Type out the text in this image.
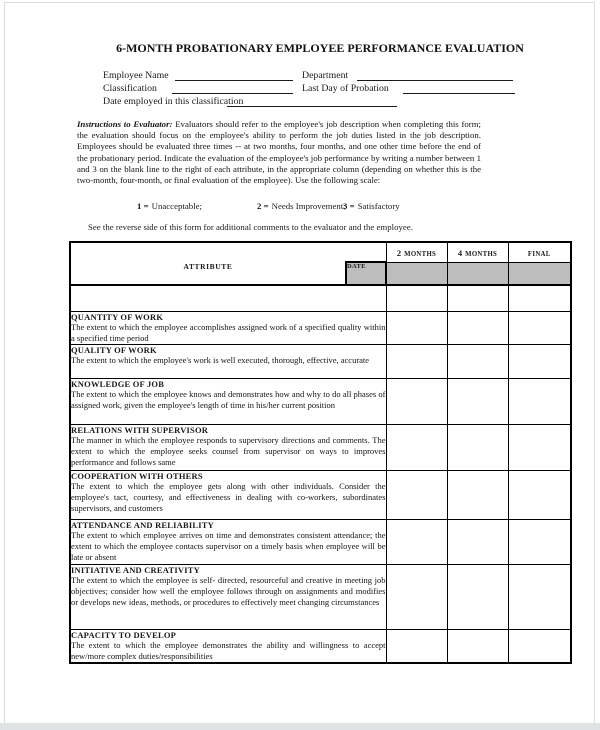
6-MONTH PROBATIONARY EMPLOYEE PERFORMANCE EVALUATION
Employee Name	Department
Classification	Last Day of Probation
Date employed in this classification

Instructions to Evaluator: Evaluators should refer to the employee's job description when completing this form; the evaluation should focus on the employee's ability to perform the job duties listed in the job description. Employees should be evaluated three times -- at two months, four months, and one other time before the end of the probationary period. Indicate the evaluation of the employee's job performance by writing a number between 1 and 3 on the blank line to the right of each attribute, in the appropriate column (depending on whether this is the two-month, four-month, or final evaluation of the employee). Use the following scale:

1 = Unacceptable;	2 = Needs Improvement;
3 = Satisfactory

See the reverse side of this form for additional comments to the evaluator and the employee.

		2 MONTHS	4 MONTHS	FINAL
ATTRIBUTE	DATE			

QUANTITY OF WORK
The extent to which the employee accomplishes assigned work of a specified quality within a specified time period				

QUALITY OF WORK
The extent to which the employee's work is well executed, thorough, effective, accurate				

KNOWLEDGE OF JOB
The extent to which the employee knows and demonstrates how and why to do all phases of assigned work, given the employee's length of time in his/her current position				

RELATIONS WITH SUPERVISOR
The manner in which the employee responds to supervisory directions and comments. The extent to which the employee seeks counsel from supervisor on ways to improves performance and follows same				

COOPERATION WITH OTHERS
The extent to which the employee gets along with other individuals. Consider the employee's tact, courtesy, and effectiveness in dealing with co-workers, subordinates supervisors, and customers				

ATTENDANCE AND RELIABILITY
The extent to which employee arrives on time and demonstrates consistent attendance; the extent to which the employee contacts supervisor on a timely basis when employee will be late or absent				

INITIATIVE AND CREATIVITY
The extent to which the employee is self- directed, resourceful and creative in meeting job objectives; consider how well the employee follows through on assignments and modifies or develops new ideas, methods, or procedures to effectively meet changing circumstances				

CAPACITY TO DEVELOP
The extent to which the employee demonstrates the ability and willingness to accept new/more complex duties/responsibilities				
